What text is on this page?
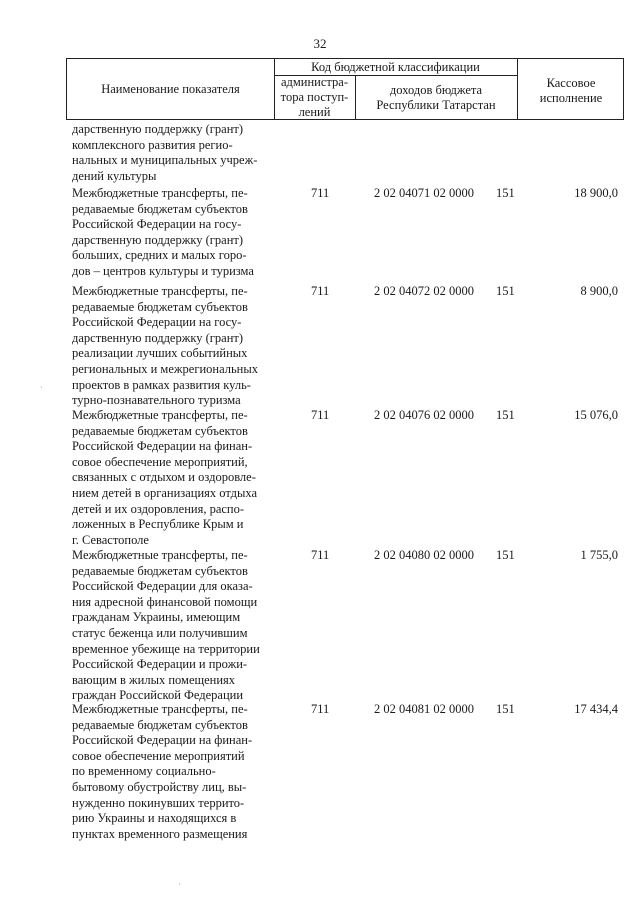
32
Наименование показателя
Код бюджетной классификации
администра-
тора поступ-
лений
доходов бюджета
Республики Татарстан
Кассовое
исполнение
дарственную поддержку (грант)
комплексного развития регио-
нальных и муниципальных учреж-
дений культуры
Межбюджетные трансферты, пе-
редаваемые бюджетам субъектов
Российской Федерации на госу-
дарственную поддержку (грант)
больших, средних и малых горо-
дов – центров культуры и туризма
711	2 02 04071 02 0000 151	18 900,0
Межбюджетные трансферты, пе-
редаваемые бюджетам субъектов
Российской Федерации на госу-
дарственную поддержку (грант)
реализации лучших событийных
региональных и межрегиональных
проектов в рамках развития куль-
турно-познавательного туризма
711	2 02 04072 02 0000 151	8 900,0
Межбюджетные трансферты, пе-
редаваемые бюджетам субъектов
Российской Федерации на финан-
совое обеспечение мероприятий,
связанных с отдыхом и оздоровле-
нием детей в организациях отдыха
детей и их оздоровления, распо-
ложенных в Республике Крым и
г. Севастополе
711	2 02 04076 02 0000 151	15 076,0
Межбюджетные трансферты, пе-
редаваемые бюджетам субъектов
Российской Федерации для оказа-
ния адресной финансовой помощи
гражданам Украины, имеющим
статус беженца или получившим
временное убежище на территории
Российской Федерации и прожи-
вающим в жилых помещениях
граждан Российской Федерации
711	2 02 04080 02 0000 151	1 755,0
Межбюджетные трансферты, пе-
редаваемые бюджетам субъектов
Российской Федерации на финан-
совое обеспечение мероприятий
по временному социально-
бытовому обустройству лиц, вы-
нужденно покинувших террито-
рию Украины и находящихся в
пунктах временного размещения
711	2 02 04081 02 0000 151	17 434,4
·
·
